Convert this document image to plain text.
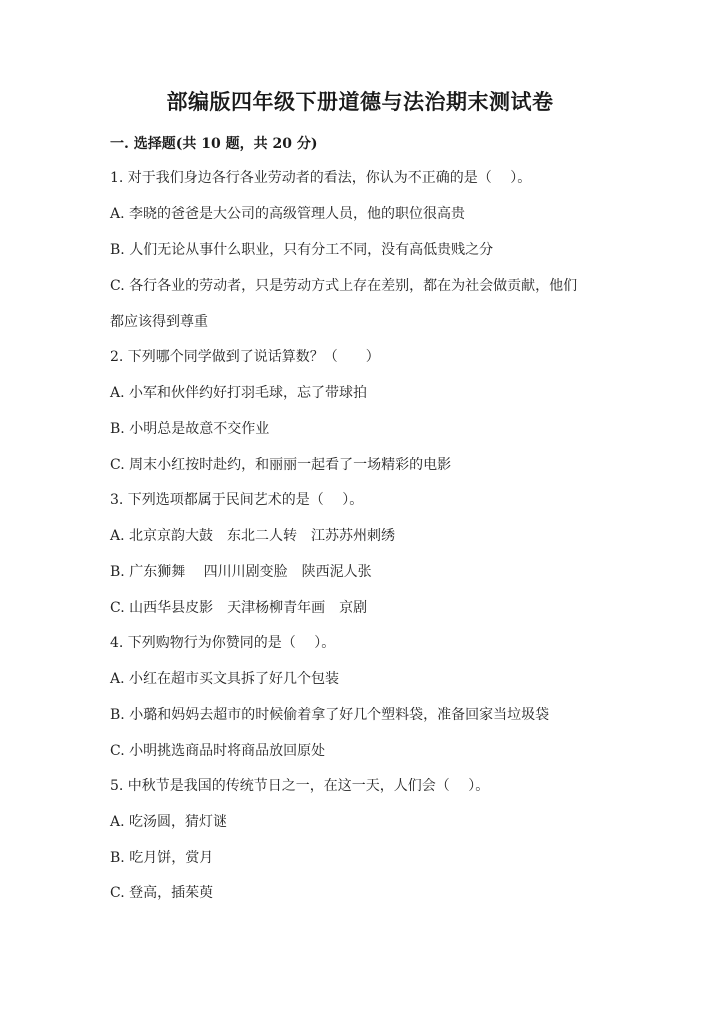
部编版四年级下册道德与法治期末测试卷
一. 选择题(共 10 题，共 20 分)
1. 对于我们身边各行各业劳动者的看法，你认为不正确的是（　 ）。
A. 李晓的爸爸是大公司的高级管理人员，他的职位很高贵
B. 人们无论从事什么职业，只有分工不同，没有高低贵贱之分
C. 各行各业的劳动者，只是劳动方式上存在差别，都在为社会做贡献，他们
都应该得到尊重
2. 下列哪个同学做到了说话算数？（　　）
A. 小军和伙伴约好打羽毛球，忘了带球拍
B. 小明总是故意不交作业
C. 周末小红按时赴约，和丽丽一起看了一场精彩的电影
3. 下列选项都属于民间艺术的是（　 ）。
A. 北京京韵大鼓　东北二人转　江苏苏州刺绣
B. 广东狮舞　 四川川剧变脸　陕西泥人张
C. 山西华县皮影　天津杨柳青年画　京剧
4. 下列购物行为你赞同的是（　 ）。
A. 小红在超市买文具拆了好几个包装
B. 小璐和妈妈去超市的时候偷着拿了好几个塑料袋，准备回家当垃圾袋
C. 小明挑选商品时将商品放回原处
5. 中秋节是我国的传统节日之一，在这一天，人们会（　 ）。
A. 吃汤圆，猜灯谜
B. 吃月饼，赏月
C. 登高，插茱萸
